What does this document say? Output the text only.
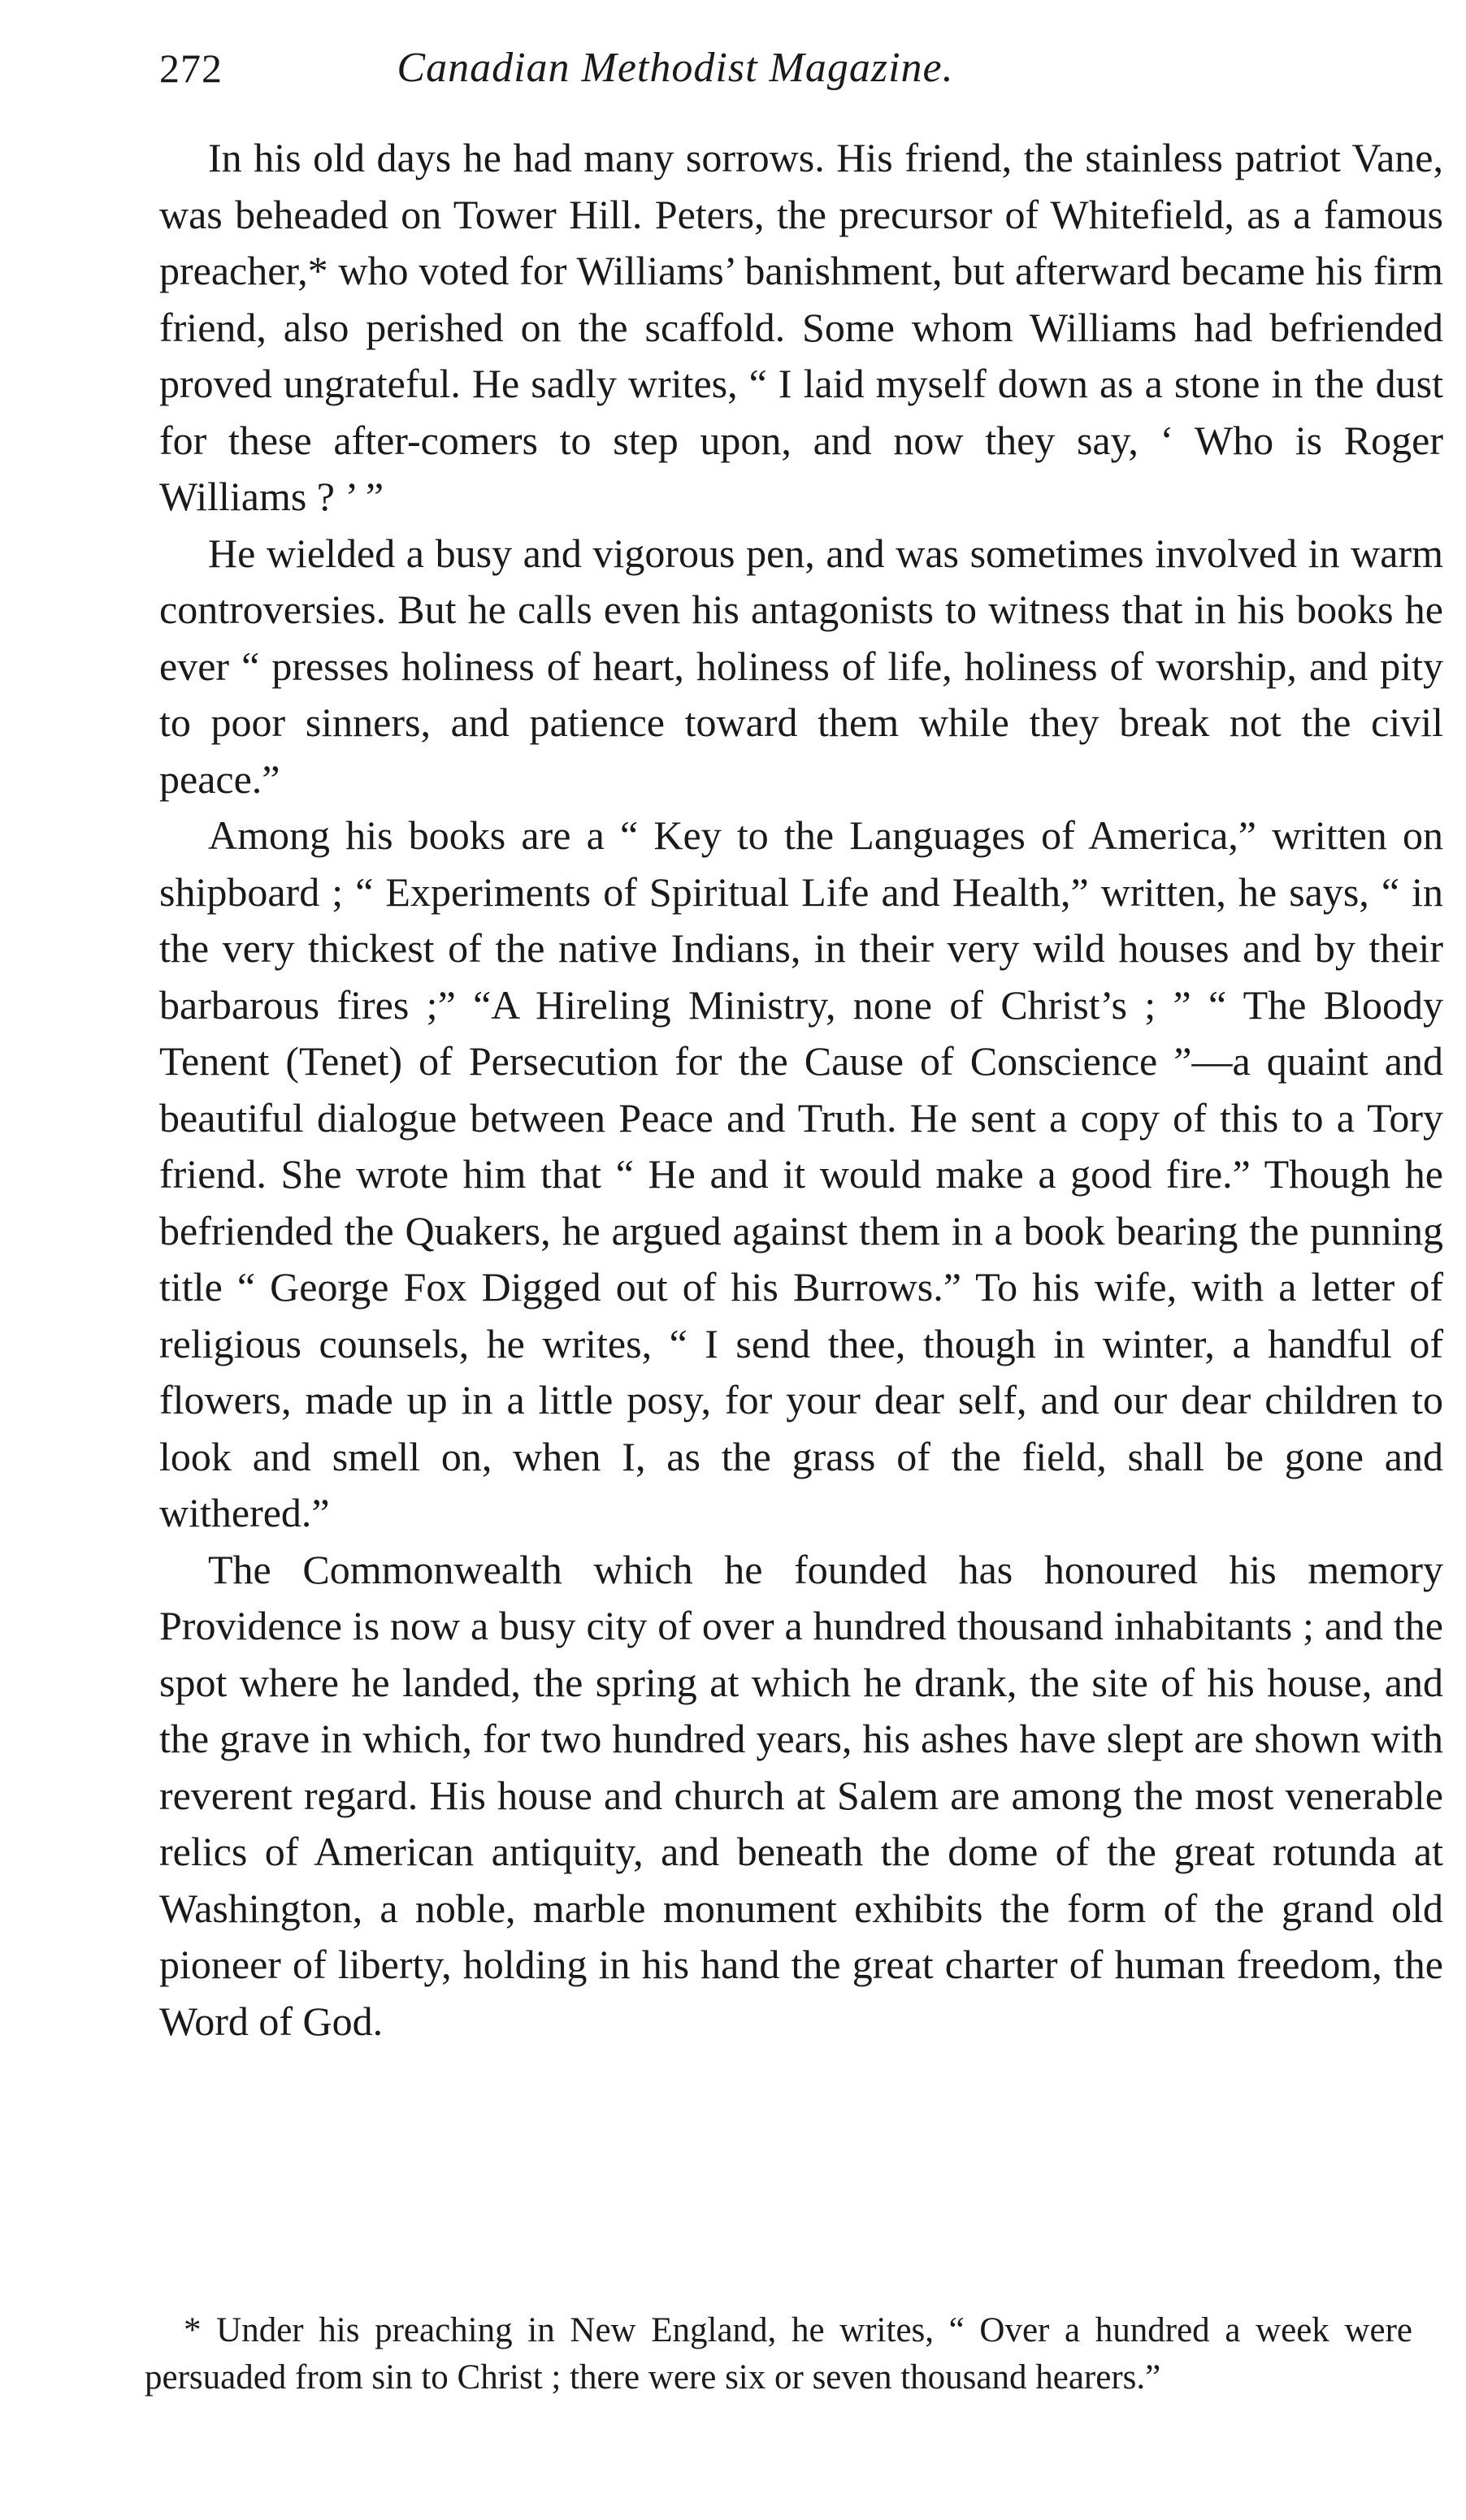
272	Canadian Methodist Magazine.

In his old days he had many sorrows. His friend, the stainless patriot Vane, was beheaded on Tower Hill. Peters, the precursor of Whitefield, as a famous preacher,* who voted for Williams’ banishment, but afterward became his firm friend, also perished on the scaffold. Some whom Williams had befriended proved ungrateful. He sadly writes, “ I laid myself down as a stone in the dust for these after-comers to step upon, and now they say, ‘ Who is Roger Williams ? ’ ”

He wielded a busy and vigorous pen, and was sometimes involved in warm controversies. But he calls even his antagonists to witness that in his books he ever “ presses holiness of heart, holiness of life, holiness of worship, and pity to poor sinners, and patience toward them while they break not the civil peace.”

Among his books are a “ Key to the Languages of America,” written on shipboard ; “ Experiments of Spiritual Life and Health,” written, he says, “ in the very thickest of the native Indians, in their very wild houses and by their barbarous fires ;” “A Hireling Ministry, none of Christ’s ; ” “ The Bloody Tenent (Tenet) of Persecution for the Cause of Conscience ”—a quaint and beautiful dialogue between Peace and Truth. He sent a copy of this to a Tory friend. She wrote him that “ He and it would make a good fire.” Though he befriended the Quakers, he argued against them in a book bearing the punning title “ George Fox Digged out of his Burrows.” To his wife, with a letter of religious counsels, he writes, “ I send thee, though in winter, a handful of flowers, made up in a little posy, for your dear self, and our dear children to look and smell on, when I, as the grass of the field, shall be gone and withered.”

The Commonwealth which he founded has honoured his memory Providence is now a busy city of over a hundred thousand inhabitants ; and the spot where he landed, the spring at which he drank, the site of his house, and the grave in which, for two hundred years, his ashes have slept are shown with reverent regard. His house and church at Salem are among the most venerable relics of American antiquity, and beneath the dome of the great rotunda at Washington, a noble, marble monument exhibits the form of the grand old pioneer of liberty, holding in his hand the great charter of human freedom, the Word of God.

* Under his preaching in New England, he writes, “ Over a hundred a week were persuaded from sin to Christ ; there were six or seven thousand hearers.”
